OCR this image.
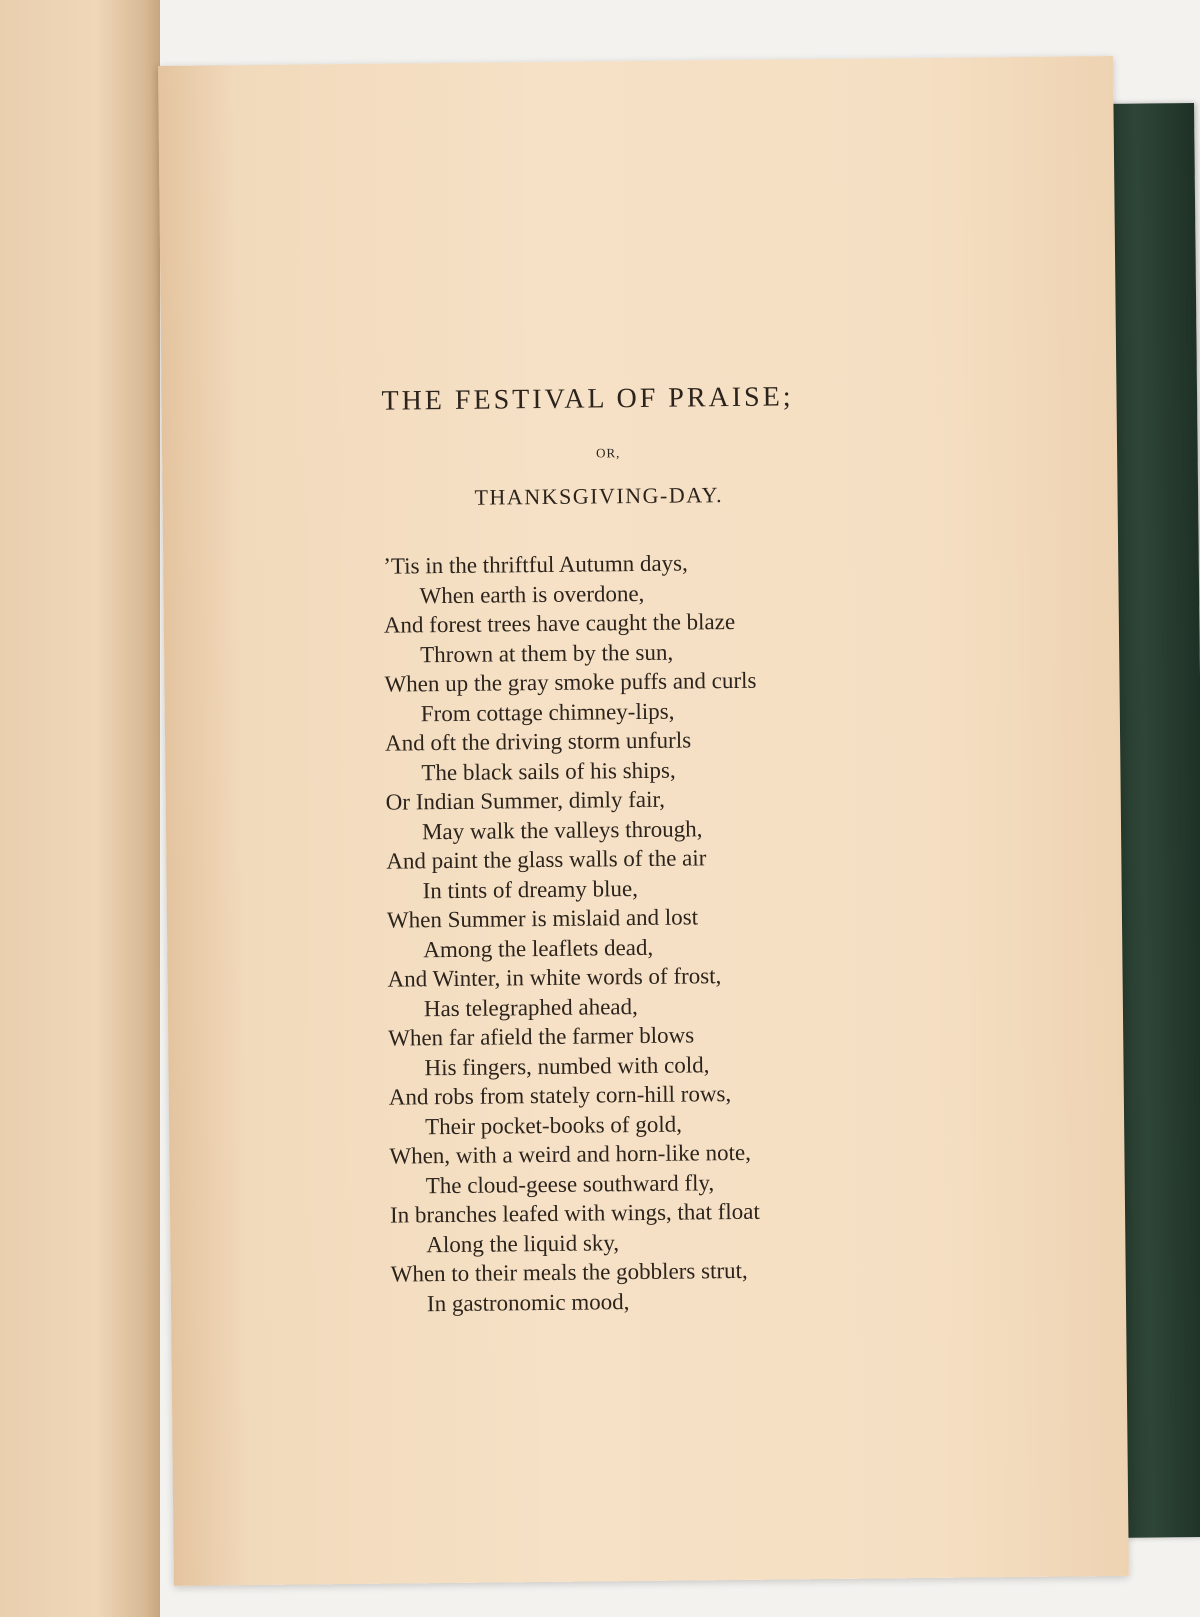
THE FESTIVAL OF PRAISE;
OR,
THANKSGIVING-DAY.
’Tis in the thriftful Autumn days,
When earth is overdone,
And forest trees have caught the blaze
Thrown at them by the sun,
When up the gray smoke puffs and curls
From cottage chimney-lips,
And oft the driving storm unfurls
The black sails of his ships,
Or Indian Summer, dimly fair,
May walk the valleys through,
And paint the glass walls of the air
In tints of dreamy blue,
When Summer is mislaid and lost
Among the leaflets dead,
And Winter, in white words of frost,
Has telegraphed ahead,
When far afield the farmer blows
His fingers, numbed with cold,
And robs from stately corn-hill rows,
Their pocket-books of gold,
When, with a weird and horn-like note,
The cloud-geese southward fly,
In branches leafed with wings, that float
Along the liquid sky,
When to their meals the gobblers strut,
In gastronomic mood,
